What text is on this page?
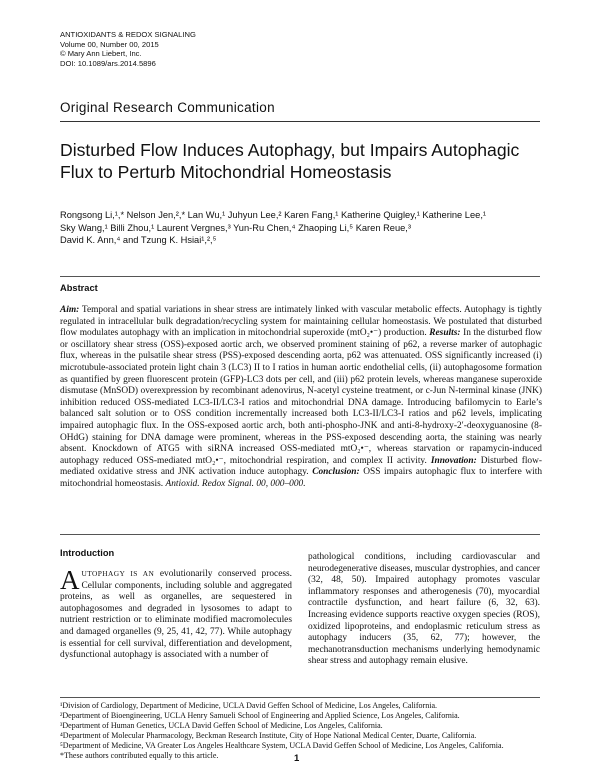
ANTIOXIDANTS & REDOX SIGNALING
Volume 00, Number 00, 2015
© Mary Ann Liebert, Inc.
DOI: 10.1089/ars.2014.5896
Original Research Communication
Disturbed Flow Induces Autophagy, but Impairs Autophagic Flux to Perturb Mitochondrial Homeostasis
Rongsong Li,¹,* Nelson Jen,²,* Lan Wu,¹ Juhyun Lee,² Karen Fang,¹ Katherine Quigley,¹ Katherine Lee,¹
Sky Wang,¹ Billi Zhou,¹ Laurent Vergnes,³ Yun-Ru Chen,⁴ Zhaoping Li,⁵ Karen Reue,³
David K. Ann,⁴ and Tzung K. Hsiai¹,²,⁵
Abstract
Aim: Temporal and spatial variations in shear stress are intimately linked with vascular metabolic effects. Autophagy is tightly regulated in intracellular bulk degradation/recycling system for maintaining cellular homeostasis. We postulated that disturbed flow modulates autophagy with an implication in mitochondrial superoxide (mtO₂•⁻) production. Results: In the disturbed flow or oscillatory shear stress (OSS)-exposed aortic arch, we observed prominent staining of p62, a reverse marker of autophagic flux, whereas in the pulsatile shear stress (PSS)-exposed descending aorta, p62 was attenuated. OSS significantly increased (i) microtubule-associated protein light chain 3 (LC3) II to I ratios in human aortic endothelial cells, (ii) autophagosome formation as quantified by green fluorescent protein (GFP)-LC3 dots per cell, and (iii) p62 protein levels, whereas manganese superoxide dismutase (MnSOD) overexpression by recombinant adenovirus, N-acetyl cysteine treatment, or c-Jun N-terminal kinase (JNK) inhibition reduced OSS-mediated LC3-II/LC3-I ratios and mitochondrial DNA damage. Introducing bafilomycin to Earle’s balanced salt solution or to OSS condition incrementally increased both LC3-II/LC3-I ratios and p62 levels, implicating impaired autophagic flux. In the OSS-exposed aortic arch, both anti-phospho-JNK and anti-8-hydroxy-2′-deoxyguanosine (8-OHdG) staining for DNA damage were prominent, whereas in the PSS-exposed descending aorta, the staining was nearly absent. Knockdown of ATG5 with siRNA increased OSS-mediated mtO₂•⁻, whereas starvation or rapamycin-induced autophagy reduced OSS-mediated mtO₂•⁻, mitochondrial respiration, and complex II activity. Innovation: Disturbed flow-mediated oxidative stress and JNK activation induce autophagy. Conclusion: OSS impairs autophagic flux to interfere with mitochondrial homeostasis. Antioxid. Redox Signal. 00, 000–000.
Introduction
A UTOPHAGY IS AN evolutionarily conserved process. Cellular components, including soluble and aggregated proteins, as well as organelles, are sequestered in autophagosomes and degraded in lysosomes to adapt to nutrient restriction or to eliminate modified macromolecules and damaged organelles (9, 25, 41, 42, 77). While autophagy is essential for cell survival, differentiation and development, dysfunctional autophagy is associated with a number of
pathological conditions, including cardiovascular and neurodegenerative diseases, muscular dystrophies, and cancer (32, 48, 50). Impaired autophagy promotes vascular inflammatory responses and atherogenesis (70), myocardial contractile dysfunction, and heart failure (6, 32, 63). Increasing evidence supports reactive oxygen species (ROS), oxidized lipoproteins, and endoplasmic reticulum stress as autophagy inducers (35, 62, 77); however, the mechanotransduction mechanisms underlying hemodynamic shear stress and autophagy remain elusive.
¹Division of Cardiology, Department of Medicine, UCLA David Geffen School of Medicine, Los Angeles, California.
²Department of Bioengineering, UCLA Henry Samueli School of Engineering and Applied Science, Los Angeles, California.
³Department of Human Genetics, UCLA David Geffen School of Medicine, Los Angeles, California.
⁴Department of Molecular Pharmacology, Beckman Research Institute, City of Hope National Medical Center, Duarte, California.
⁵Department of Medicine, VA Greater Los Angeles Healthcare System, UCLA David Geffen School of Medicine, Los Angeles, California.
*These authors contributed equally to this article.	1
